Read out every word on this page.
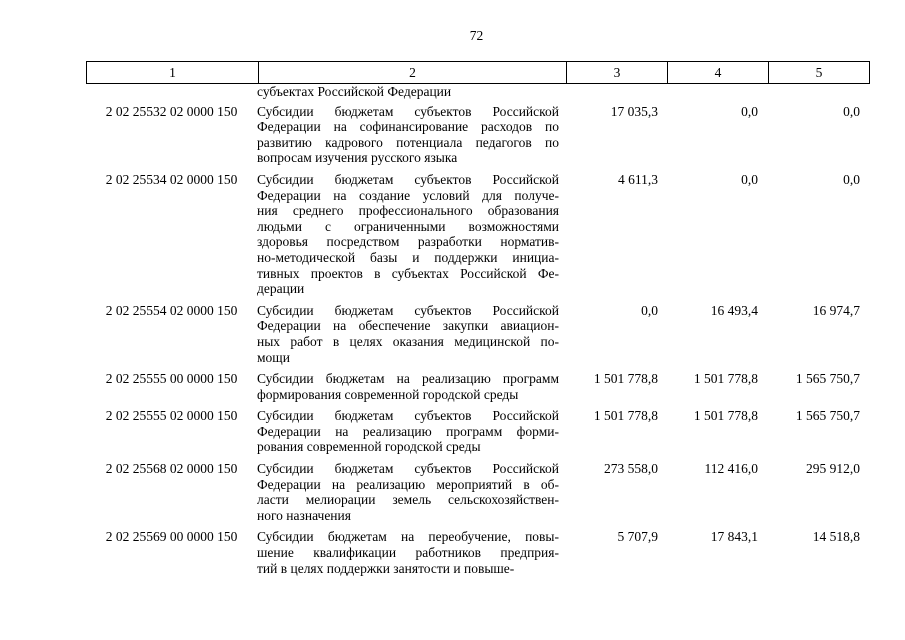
72
1	2	3	4	5
субъектах Российской Федерации
2 02 25532 02 0000 150	Субсидии бюджетам субъектов Российской
Федерации на софинансирование расходов по
развитию кадрового потенциала педагогов по
вопросам изучения русского языка
17 035,3	0,0	0,0
2 02 25534 02 0000 150	Субсидии бюджетам субъектов Российской
Федерации на создание условий для получе-
ния среднего профессионального образования
людьми с ограниченными возможностями
здоровья посредством разработки норматив-
но-методической базы и поддержки инициа-
тивных проектов в субъектах Российской Фе-
дерации
4 611,3	0,0	0,0
2 02 25554 02 0000 150	Субсидии бюджетам субъектов Российской
Федерации на обеспечение закупки авиацион-
ных работ в целях оказания медицинской по-
мощи
0,0	16 493,4	16 974,7
2 02 25555 00 0000 150	Субсидии бюджетам на реализацию программ
формирования современной городской среды
1 501 778,8	1 501 778,8	1 565 750,7
2 02 25555 02 0000 150	Субсидии бюджетам субъектов Российской
Федерации на реализацию программ форми-
рования современной городской среды
1 501 778,8	1 501 778,8	1 565 750,7
2 02 25568 02 0000 150	Субсидии бюджетам субъектов Российской
Федерации на реализацию мероприятий в об-
ласти мелиорации земель сельскохозяйствен-
ного назначения
273 558,0	112 416,0	295 912,0
2 02 25569 00 0000 150	Субсидии бюджетам на переобучение, повы-
шение квалификации работников предприя-
тий в целях поддержки занятости и повыше-
5 707,9	17 843,1	14 518,8
